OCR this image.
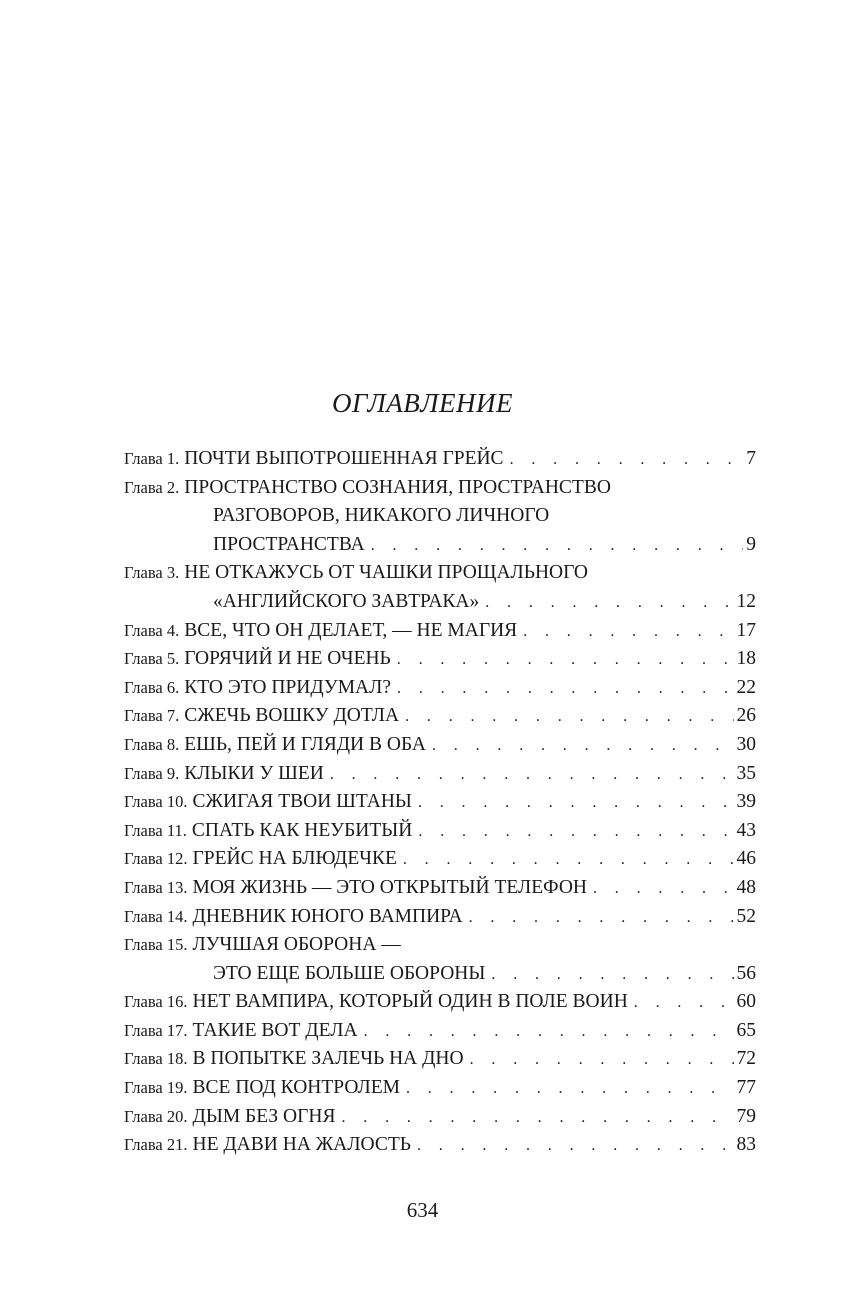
ОГЛАВЛЕНИЕ
Глава 1. ПОЧТИ ВЫПОТРОШЕННАЯ ГРЕЙС . . .	7
Глава 2. ПРОСТРАНСТВО СОЗНАНИЯ, ПРОСТРАНСТВО
РАЗГОВОРОВ, НИКАКОГО ЛИЧНОГО
ПРОСТРАНСТВА . . .	9
Глава 3. НЕ ОТКАЖУСЬ ОТ ЧАШКИ ПРОЩАЛЬНОГО
«АНГЛИЙСКОГО ЗАВТРАКА» . . .	12
Глава 4. ВСЕ, ЧТО ОН ДЕЛАЕТ, — НЕ МАГИЯ . . .	17
Глава 5. ГОРЯЧИЙ И НЕ ОЧЕНЬ . . .	18
Глава 6. КТО ЭТО ПРИДУМАЛ? . . .	22
Глава 7. СЖЕЧЬ ВОШКУ ДОТЛА . . .	26
Глава 8. ЕШЬ, ПЕЙ И ГЛЯДИ В ОБА . . .	30
Глава 9. КЛЫКИ У ШЕИ . . .	35
Глава 10. СЖИГАЯ ТВОИ ШТАНЫ . . .	39
Глава 11. СПАТЬ КАК НЕУБИТЫЙ . . .	43
Глава 12. ГРЕЙС НА БЛЮДЕЧКЕ . . .	46
Глава 13. МОЯ ЖИЗНЬ — ЭТО ОТКРЫТЫЙ ТЕЛЕФОН . . .	48
Глава 14. ДНЕВНИК ЮНОГО ВАМПИРА . . .	52
Глава 15. ЛУЧШАЯ ОБОРОНА —
ЭТО ЕЩЕ БОЛЬШЕ ОБОРОНЫ . . .	56
Глава 16. НЕТ ВАМПИРА, КОТОРЫЙ ОДИН В ПОЛЕ ВОИН . . .	60
Глава 17. ТАКИЕ ВОТ ДЕЛА . . .	65
Глава 18. В ПОПЫТКЕ ЗАЛЕЧЬ НА ДНО . . .	72
Глава 19. ВСЕ ПОД КОНТРОЛЕМ . . .	77
Глава 20. ДЫМ БЕЗ ОГНЯ . . .	79
Глава 21. НЕ ДАВИ НА ЖАЛОСТЬ . . .	83
634
